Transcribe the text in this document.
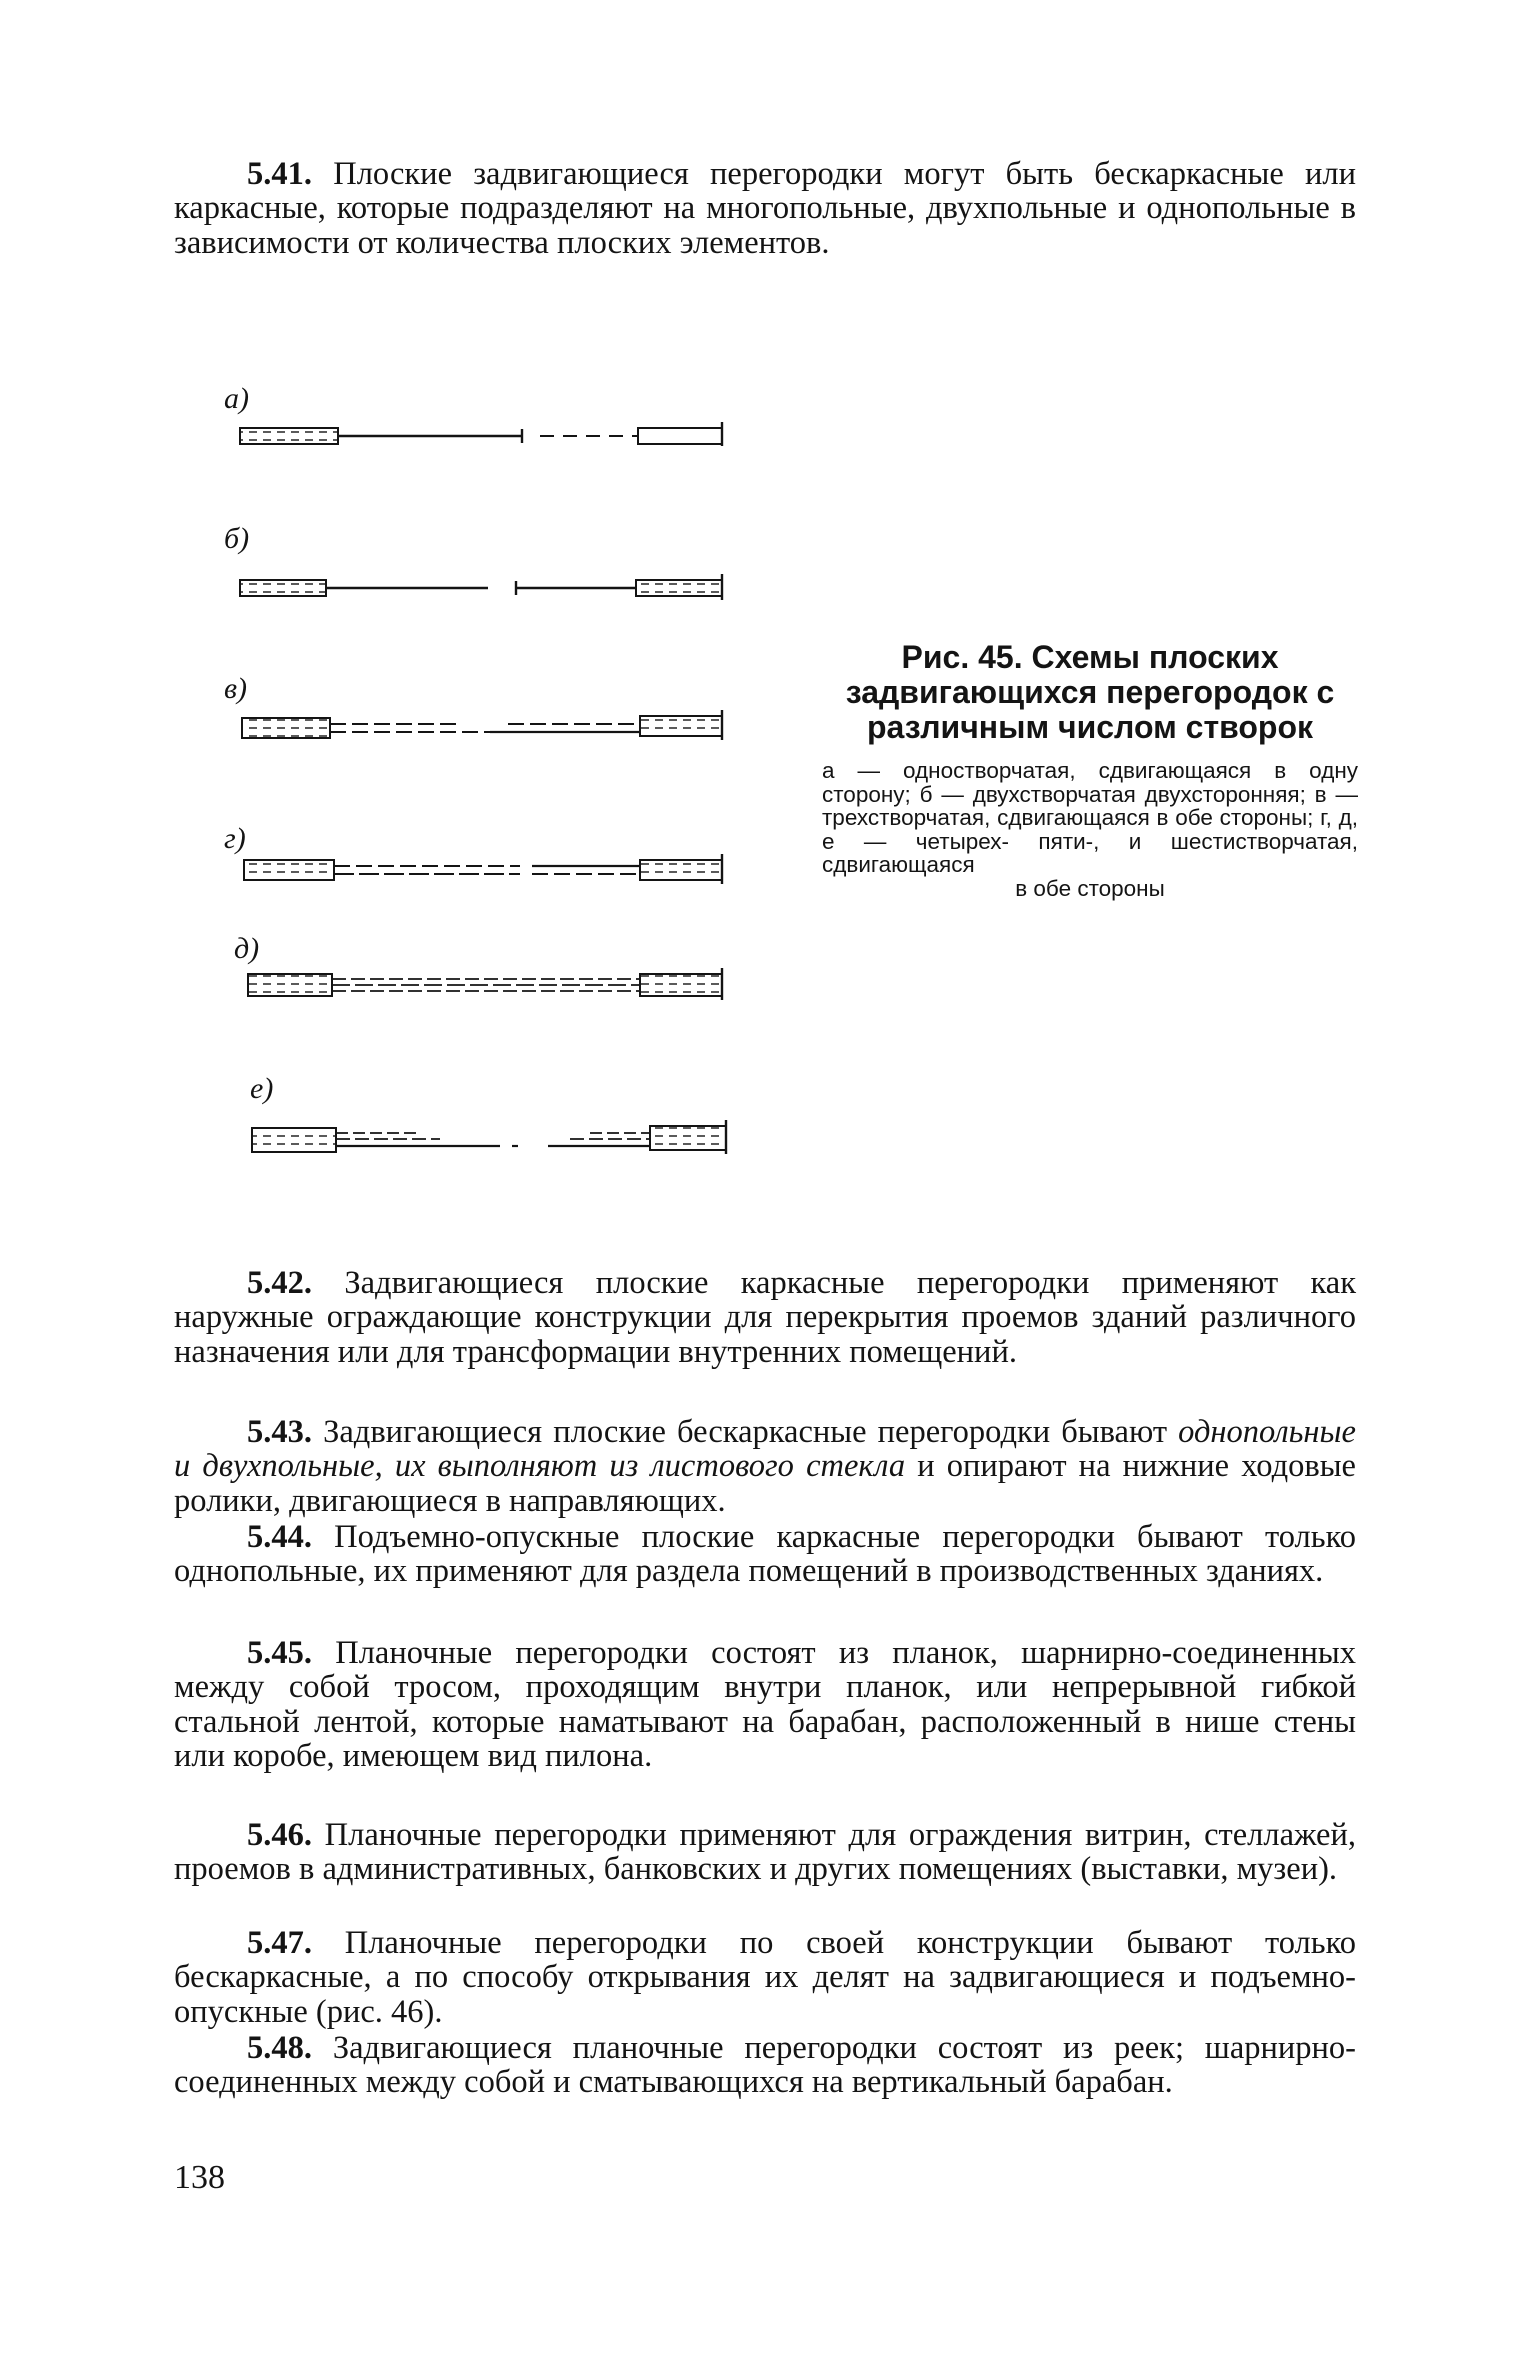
5.41. Плоские задвигающиеся перегородки могут быть бескаркасные или каркасные, которые подразделяют на многопольные, двухпольные и однопольные в зависимости от количества плоских элементов.

а)
б)
в)
г)
д)
е)

Рис. 45. Схемы плоских задвигающихся перегородок с различным числом створок

а — одностворчатая, сдвигающаяся в одну сторону; б — двухстворчатая двухсторонняя; в — трехстворчатая, сдвигающаяся в обе стороны; г, д, е — четырех- пяти-, и шестистворчатая, сдвигающаяся
в обе стороны

5.42. Задвигающиеся плоские каркасные перегородки применяют как наружные ограждающие конструкции для перекрытия проемов зданий различного назначения или для трансформации внутренних помещений.

5.43. Задвигающиеся плоские бескаркасные перегородки бывают однопольные и двухпольные, их выполняют из листового стекла и опирают на нижние ходовые ролики, двигающиеся в направляющих.

5.44. Подъемно-опускные плоские каркасные перегородки бывают только однопольные, их применяют для раздела помещений в производственных зданиях.

5.45. Планочные перегородки состоят из планок, шарнирно-соединенных между собой тросом, проходящим внутри планок, или непрерывной гибкой стальной лентой, которые наматывают на барабан, расположенный в нише стены или коробе, имеющем вид пилона.

5.46. Планочные перегородки применяют для ограждения витрин, стеллажей, проемов в административных, банковских и других помещениях (выставки, музеи).

5.47. Планочные перегородки по своей конструкции бывают только бескаркасные, а по способу открывания их делят на задвигающиеся и подъемно-опускные (рис. 46).

5.48. Задвигающиеся планочные перегородки состоят из реек; шарнирно-соединенных между собой и сматывающихся на вертикальный барабан.

138
